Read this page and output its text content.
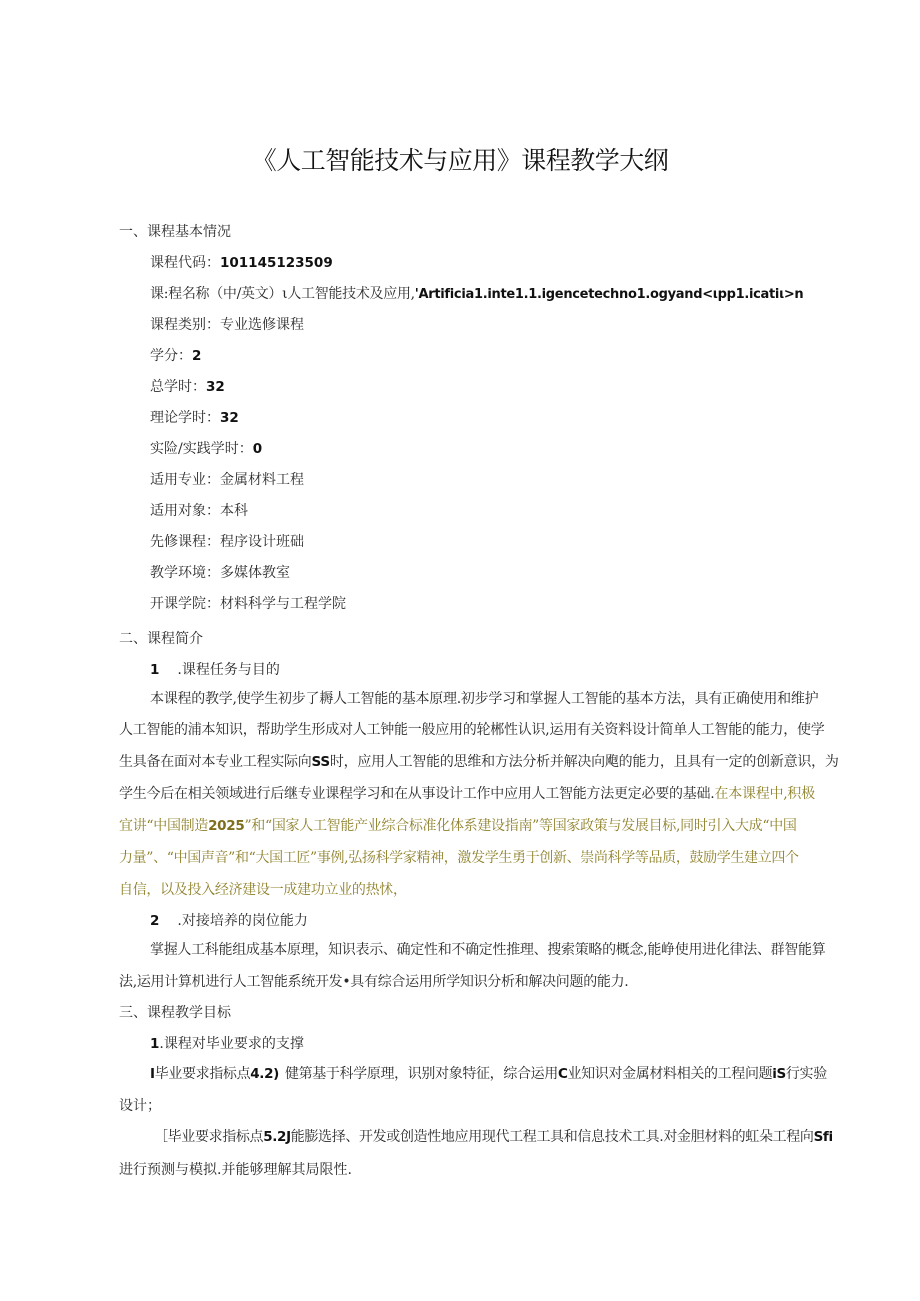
《人工智能技术与应用》课程教学大纲
一、课程基本情况
课程代码：101145123509
课:程名称（中/英文）ι人工智能技术及应用,'Artificia1.inte1.1.igencetechno1.ogyand<ιpp1.icatiι>n
课程类别：专业选修课程
学分：2
总学时：32
理论学时：32
实险/实践学时：0
适用专业：金属材料工程
适用对象：本科
先修课程：程序设计班础
教学环境：多媒体教室
开课学院：材料科学与工程学院
二、课程简介
1 .课程任务与目的
本课程的教学,使学生初步了耨人工智能的基本原理.初步学习和掌握人工智能的基本方法，具有正确使用和维护
人工智能的浦本知识，帮助学生形成对人工钟能一般应用的轮郴性认识,运用有关资料设计简单人工智能的能力，使学
生具备在面对本专业工程实际向SS时，应用人工智能的思维和方法分析并解决向飑的能力，且具有一定的创新意识，为
学生今后在相关领域进行后继专业课程学习和在从事设计工作中应用人工智能方法更定必要的基础.在本课程中,积极
宜讲“中国制造2025”和“国家人工智能产业综合标准化体系建设指南”等国家政策与发展目标,同时引入大成“中国
力量”、“中国声音”和“大国工匠”事例,弘扬科学家精神，激发学生勇于创新、崇尚科学等品质，鼓励学生建立四个
自信，以及投入经济建设一成建功立业的热怵，
2 .对接培养的岗位能力
掌握人工科能组成基本原理，知识表示、确定性和不确定性推理、搜索策略的概念,能峥使用进化律法、群智能算
法,运用计算机进行人工智能系统开发•具有综合运用所学知识分析和解决问题的能力.
三、课程教学目标
1.课程对毕业要求的支撑
I毕业要求指标点4.2) 健第基于科学原理，识别对象特征，综合运用C业知识对金属材料相关的工程问题iS行实验
设计；
［毕业要求指标点5.2J能膨选择、开发或创造性地应用现代工程工具和信息技术工具.对金胆材料的虹朵工程向Sfi
进行预测与模拟.并能够理解其局限性.
